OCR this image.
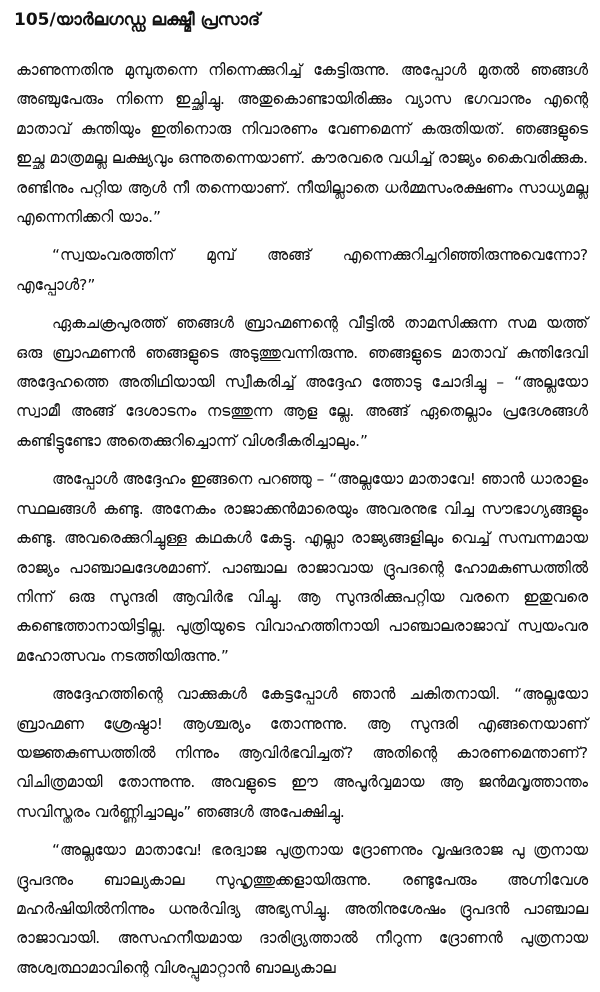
105/യാർലഗഡ്ഡ ലക്ഷ്മീ പ്രസാദ്

കാണുന്നതിനു മുമ്പുതന്നെ നിന്നെക്കുറിച്ച് കേട്ടിരുന്നു. അപ്പോൾ മുതൽ ഞങ്ങൾ അഞ്ചുപേരും നിന്നെ ഇച്ഛിച്ചു. അതുകൊണ്ടായിരിക്കും വ്യാസ ഭഗവാനും എന്റെ മാതാവ് കുന്തിയും ഇതിനൊരു നിവാരണം വേണമെന്ന് കരുതിയത്. ഞങ്ങളുടെ ഇച്ഛ മാത്രമല്ല ലക്ഷ്യവും ഒന്നുതന്നെയാണ്. കൗരവരെ വധിച്ച് രാജ്യം കൈവരിക്കുക. രണ്ടിനും പറ്റിയ ആൾ നീ തന്നെയാണ്. നീയില്ലാതെ ധർമ്മസംരക്ഷണം സാധ്യമല്ല എന്നെനിക്കറി യാം.”

“സ്വയംവരത്തിന് മുമ്പ് അങ്ങ് എന്നെക്കുറിച്ചറിഞ്ഞിരുന്നുവെന്നോ? എപ്പോൾ?”

ഏകചക്രപുരത്ത് ഞങ്ങൾ ബ്രാഹ്മണന്റെ വീട്ടിൽ താമസിക്കുന്ന സമ യത്ത് ഒരു ബ്രാഹ്മണൻ ഞങ്ങളുടെ അടുത്തുവന്നിരുന്നു. ഞങ്ങളുടെ മാതാവ് കുന്തിദേവി അദ്ദേഹത്തെ അതിഥിയായി സ്വീകരിച്ച് അദ്ദേഹ ത്തോടു ചോദിച്ചു – “അല്ലയോ സ്വാമീ അങ്ങ് ദേശാടനം നടത്തുന്ന ആള ല്ലേ. അങ്ങ് ഏതെല്ലാം പ്രദേശങ്ങൾ കണ്ടിട്ടുണ്ടോ അതെക്കുറിച്ചൊന്ന് വിശദീകരിച്ചാലും.”

അപ്പോൾ അദ്ദേഹം ഇങ്ങനെ പറഞ്ഞു – “അല്ലയോ മാതാവേ! ഞാൻ ധാരാളം സ്ഥലങ്ങൾ കണ്ടു. അനേകം രാജാക്കൻമാരെയും അവരനുഭ വിച്ച സൗഭാഗ്യങ്ങളും കണ്ടു. അവരെക്കുറിച്ചുള്ള കഥകൾ കേട്ടു. എല്ലാ രാജ്യങ്ങളിലും വെച്ച് സമ്പന്നമായ രാജ്യം പാഞ്ചാലദേശമാണ്. പാഞ്ചാല രാജാവായ ദ്രുപദന്റെ ഹോമകുണ്ഡത്തിൽ നിന്ന് ഒരു സുന്ദരി ആവിർഭ വിച്ചു. ആ സുന്ദരിക്കുപറ്റിയ വരനെ ഇതുവരെ കണ്ടെത്താനായിട്ടില്ല. പുത്രിയുടെ വിവാഹത്തിനായി പാഞ്ചാലരാജാവ് സ്വയംവര മഹോത്സവം നടത്തിയിരുന്നു.”

അദ്ദേഹത്തിന്റെ വാക്കുകൾ കേട്ടപ്പോൾ ഞാൻ ചകിതനായി. “അല്ലയോ ബ്രാഹ്മണ ശ്രേഷ്ഠാ! ആശ്ചര്യം തോന്നുന്നു. ആ സുന്ദരി എങ്ങനെയാണ് യജ്ഞകുണ്ഡത്തിൽ നിന്നും ആവിർഭവിച്ചത്? അതിന്റെ കാരണമെന്താണ്? വിചിത്രമായി തോന്നുന്നു. അവളുടെ ഈ അപൂർവ്വമായ ആ ജൻമവൃത്താന്തം സവിസ്തരം വർണ്ണിച്ചാലും” ഞങ്ങൾ അപേക്ഷിച്ചു.

“അല്ലയോ മാതാവേ! ഭരദ്വാജ പുത്രനായ ദ്രോണനും വൃഷദരാജ പു ത്രനായ ദ്രുപദനും ബാല്യകാല സുഹൃത്തുക്കളായിരുന്നു. രണ്ടുപേരും അഗ്നിവേശ മഹർഷിയിൽനിന്നും ധനുർവിദ്യ അഭ്യസിച്ചു. അതിനുശേഷം ദ്രുപദൻ പാഞ്ചാല രാജാവായി. അസഹനീയമായ ദാരിദ്ര്യത്താൽ നീറുന്ന ദ്രോണൻ പുത്രനായ അശ്വത്ഥാമാവിന്റെ വിശപ്പുമാറ്റാൻ ബാല്യകാല
